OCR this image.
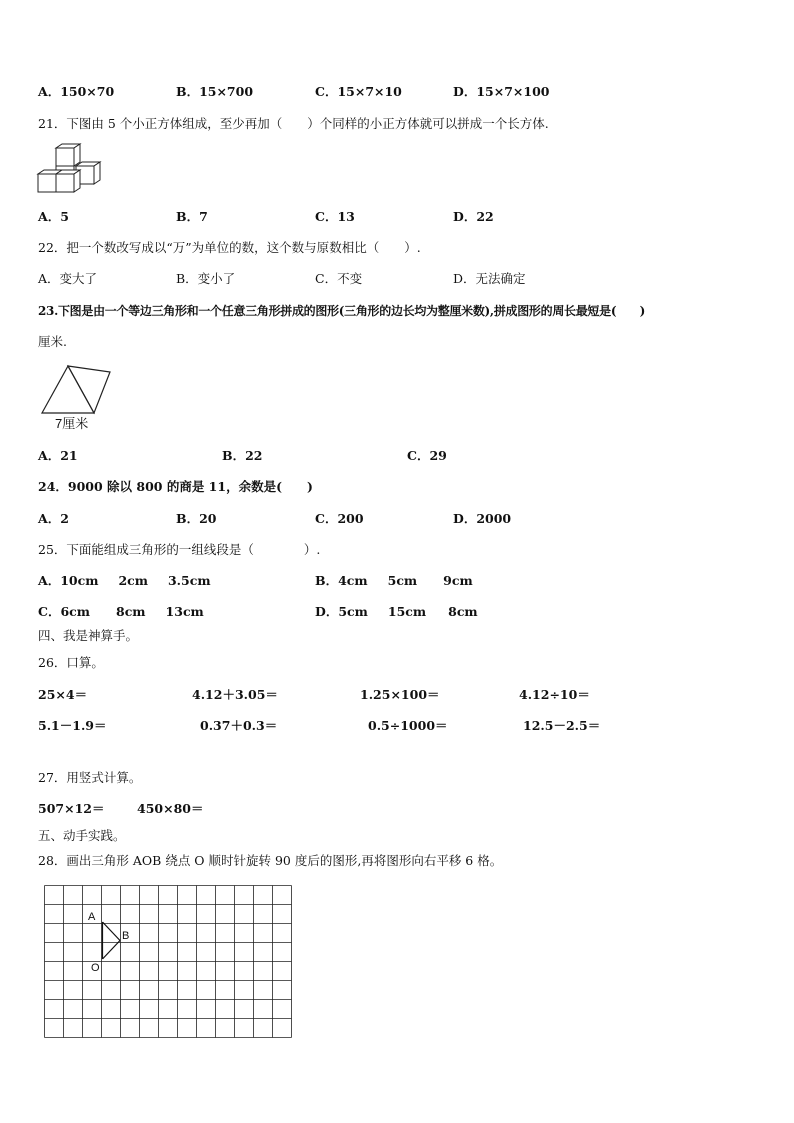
A．150×70	B．15×700	C．15×7×10	D．15×7×100
21．下图由 5 个小正方体组成，至少再加（　　）个同样的小正方体就可以拼成一个长方体.
A．5	B．7	C．13	D．22
22．把一个数改写成以“万”为单位的数，这个数与原数相比（　　）.
A．变大了	B．变小了	C．不变	D．无法确定
23.下图是由一个等边三角形和一个任意三角形拼成的图形(三角形的边长均为整厘米数),拼成图形的周长最短是(　　)
厘米.
7厘米
A．21	B．22	C．29
24．9000 除以 800 的商是 11，余数是(　　)
A．2	B．20	C．200	D．2000
25．下面能组成三角形的一组线段是（　　　　）.
A．10cm 2cm 3.5cm	B．4cm 5cm 9cm
C．6cm 8cm 13cm	D．5cm 15cm 8cm
四、我是神算手。
26．口算。
25×4＝	4.12＋3.05＝	1.25×100＝	4.12÷10＝
5.1－1.9＝	0.37＋0.3＝	0.5÷1000＝	12.5－2.5＝
27．用竖式计算。
507×12＝	450×80＝
五、动手实践。
28．画出三角形 AOB 绕点 O 顺时针旋转 90 度后的图形,再将图形向右平移 6 格。
A
B
O
